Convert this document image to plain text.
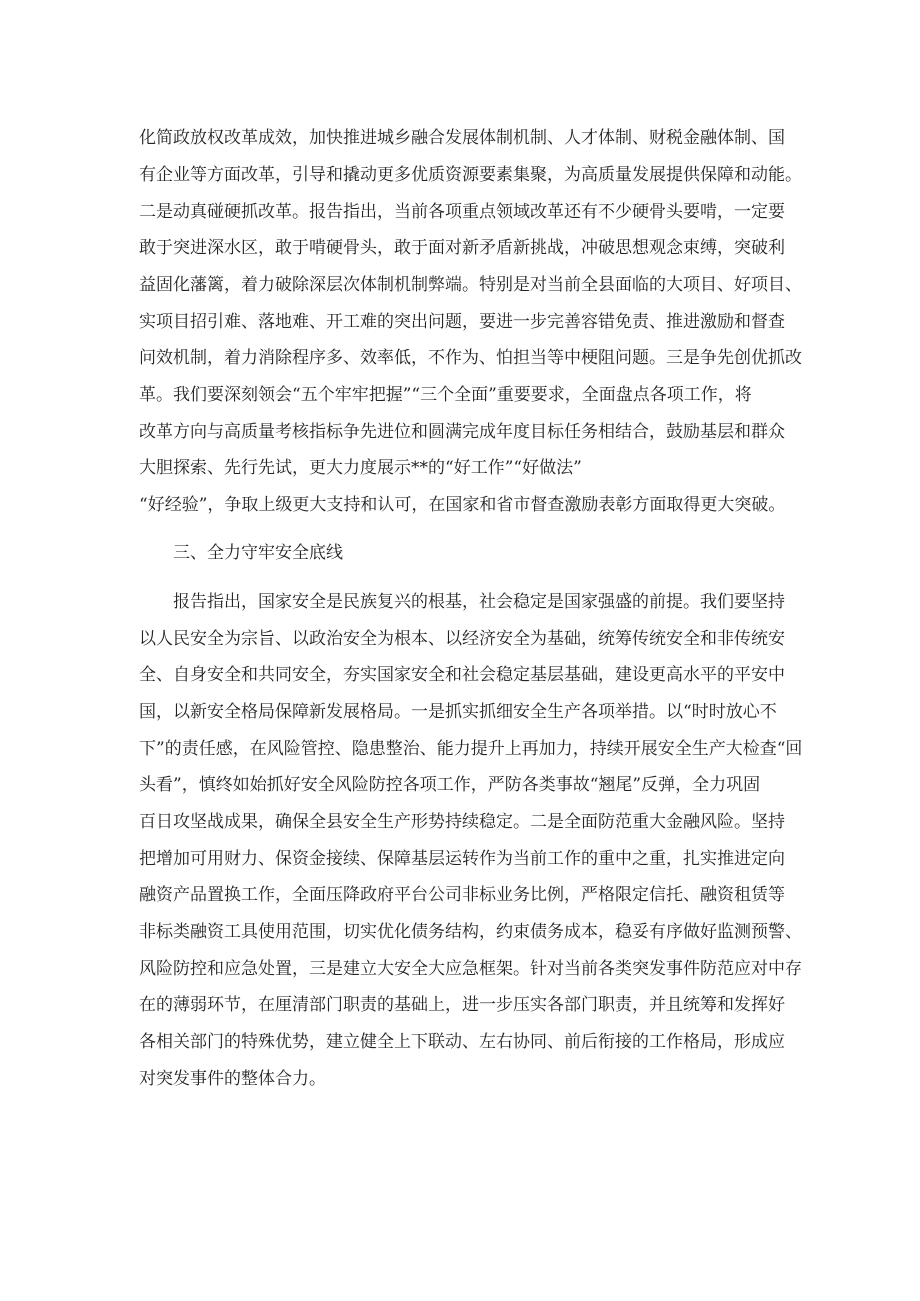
化简政放权改革成效，加快推进城乡融合发展体制机制、人才体制、财税金融体制、国

有企业等方面改革，引导和撬动更多优质资源要素集聚，为高质量发展提供保障和动能。

二是动真碰硬抓改革。报告指出，当前各项重点领域改革还有不少硬骨头要啃，一定要

敢于突进深水区，敢于啃硬骨头，敢于面对新矛盾新挑战，冲破思想观念束缚，突破利

益固化藩篱，着力破除深层次体制机制弊端。特别是对当前全县面临的大项目、好项目、

实项目招引难、落地难、开工难的突出问题，要进一步完善容错免责、推进激励和督查

问效机制，着力消除程序多、效率低，不作为、怕担当等中梗阻问题。三是争先创优抓改

革。我们要深刻领会“五个牢牢把握”“三个全面”重要要求，全面盘点各项工作，将

改革方向与高质量考核指标争先进位和圆满完成年度目标任务相结合，鼓励基层和群众

大胆探索、先行先试，更大力度展示**的“好工作”“好做法”

“好经验”，争取上级更大支持和认可，在国家和省市督查激励表彰方面取得更大突破。

三、全力守牢安全底线

报告指出，国家安全是民族复兴的根基，社会稳定是国家强盛的前提。我们要坚持

以人民安全为宗旨、以政治安全为根本、以经济安全为基础，统筹传统安全和非传统安

全、自身安全和共同安全，夯实国家安全和社会稳定基层基础，建设更高水平的平安中

国，以新安全格局保障新发展格局。一是抓实抓细安全生产各项举措。以“时时放心不

下”的责任感，在风险管控、隐患整治、能力提升上再加力，持续开展安全生产大检查“回

头看”，慎终如始抓好安全风险防控各项工作，严防各类事故“翘尾”反弹，全力巩固

百日攻坚战成果，确保全县安全生产形势持续稳定。二是全面防范重大金融风险。坚持

把增加可用财力、保资金接续、保障基层运转作为当前工作的重中之重，扎实推进定向

融资产品置换工作，全面压降政府平台公司非标业务比例，严格限定信托、融资租赁等

非标类融资工具使用范围，切实优化债务结构，约束债务成本，稳妥有序做好监测预警、

风险防控和应急处置，三是建立大安全大应急框架。针对当前各类突发事件防范应对中存

在的薄弱环节，在厘清部门职责的基础上，进一步压实各部门职责，并且统筹和发挥好

各相关部门的特殊优势，建立健全上下联动、左右协同、前后衔接的工作格局，形成应

对突发事件的整体合力。
